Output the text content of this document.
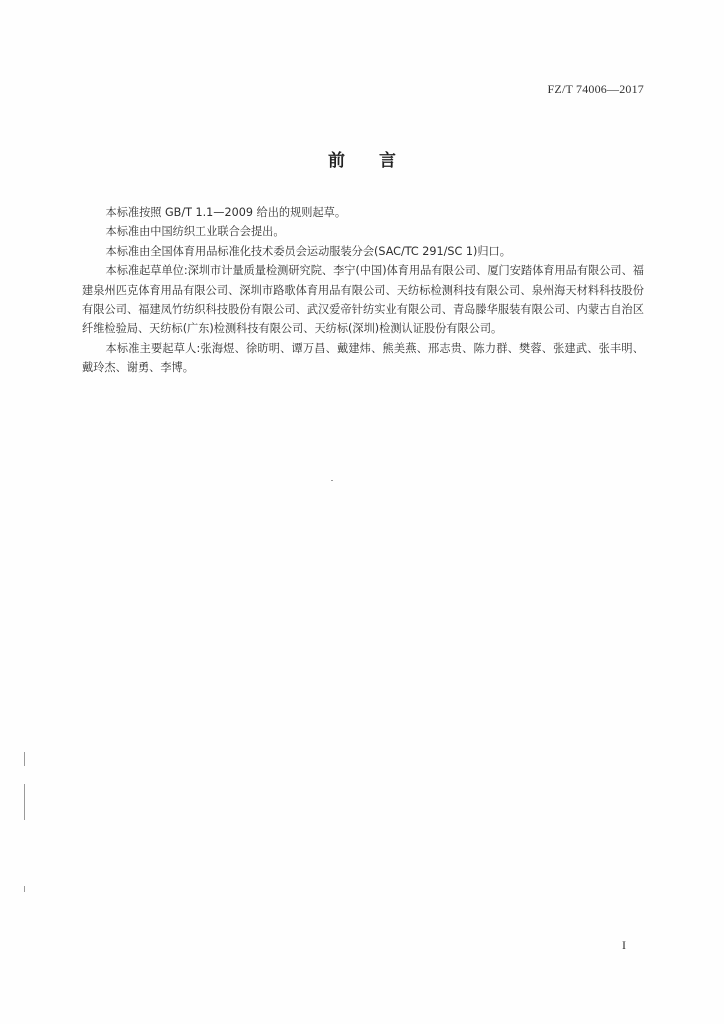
FZ/T 74006—2017
前言

本标准按照 GB/T 1.1—2009 给出的规则起草。

本标准由中国纺织工业联合会提出。

本标准由全国体育用品标准化技术委员会运动服装分会(SAC/TC 291/SC 1)归口。

本标准起草单位:深圳市计量质量检测研究院、李宁(中国)体育用品有限公司、厦门安踏体育用品有限公司、福建泉州匹克体育用品有限公司、深圳市路歌体育用品有限公司、天纺标检测科技有限公司、泉州海天材料科技股份有限公司、福建凤竹纺织科技股份有限公司、武汉爱帝针纺实业有限公司、青岛滕华服装有限公司、内蒙古自治区纤维检验局、天纺标(广东)检测科技有限公司、天纺标(深圳)检测认证股份有限公司。

本标准主要起草人:张海煜、徐昉明、谭万昌、戴建炜、熊美燕、邢志贵、陈力群、樊蓉、张建武、张丰明、戴玲杰、谢勇、李博。

I
